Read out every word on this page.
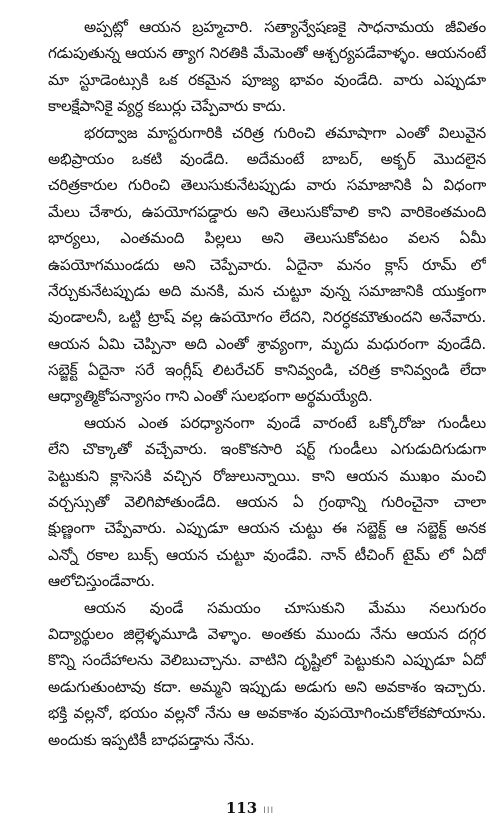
అప్పట్లో ఆయన బ్రహ్మచారి. సత్యాన్వేషణకై సాధనామయ జీవితం
గడుపుతున్న ఆయన త్యాగ నిరతికి మేమెంతో ఆశ్చర్యపడేవాళ్ళం. ఆయనంటే
మా స్టూడెంట్సుకి ఒక రకమైన పూజ్య భావం వుండేది. వారు ఎప్పుడూ
కాలక్షేపానికై వ్యర్ధ కబుర్లు చెప్పేవారు కాదు.
భరద్వాజ మాస్టరుగారికి చరిత్ర గురించి తమాషాగా ఎంతో విలువైన
అభిప్రాయం ఒకటి వుండేది. అదేమంటే బాబర్, అక్బర్ మొదలైన
చరిత్రకారుల గురించి తెలుసుకునేటప్పుడు వారు సమాజానికి ఏ విధంగా
మేలు చేశారు, ఉపయోగపడ్డారు అని తెలుసుకోవాలి కాని వారికెంతమంది
భార్యలు, ఎంతమంది పిల్లలు అని తెలుసుకోవటం వలన ఏమీ
ఉపయోగముండదు అని చెప్పేవారు. ఏదైనా మనం క్లాస్ రూమ్ లో
నేర్చుకునేటప్పుడు అది మనకి, మన చుట్టూ వున్న సమాజానికి యుక్తంగా
వుండాలనీ, ఒట్టి ట్రాష్ వల్ల ఉపయోగం లేదని, నిరర్ధకమౌతుందని అనేవారు.
ఆయన ఏమి చెప్పినా అది ఎంతో శ్రావ్యంగా, మృదు మధురంగా వుండేది.
సబ్జెక్ట్ ఏదైనా సరే ఇంగ్లీష్ లిటరేచర్ కానివ్వండి, చరిత్ర కానివ్వండి లేదా
ఆధ్యాత్మికోపన్యాసం గాని ఎంతో సులభంగా అర్థమయ్యేది.
ఆయన ఎంత పరధ్యానంగా వుండే వారంటే ఒక్కోరోజు గుండీలు
లేని చొక్కాతో వచ్చేవారు. ఇంకొకసారి షర్ట్ గుండీలు ఎగుడుదిగుడుగా
పెట్టుకుని క్లాసెసకి వచ్చిన రోజులున్నాయి. కాని ఆయన ముఖం మంచి
వర్చస్సుతో వెలిగిపోతుండేది. ఆయన ఏ గ్రంథాన్ని గురించైనా చాలా
క్షుణ్ణంగా చెప్పేవారు. ఎప్పుడూ ఆయన చుట్టు ఈ సబ్జెక్ట్ ఆ సబ్జెక్ట్ అనక
ఎన్నో రకాల బుక్స్ ఆయన చుట్టూ వుండేవి. నాన్ టీచింగ్ టైమ్ లో ఏదో
ఆలోచిస్తుండేవారు.
ఆయన వుండే సమయం చూసుకుని మేము నలుగురం
విద్యార్థులం జిల్లెళ్ళమూడి వెళ్ళాం. అంతకు ముందు నేను ఆయన దగ్గర
కొన్ని సందేహాలను వెలిబుచ్చాను. వాటిని దృష్టిలో పెట్టుకుని ఎప్పుడూ ఏదో
అడుగుతుంటావు కదా. అమ్మని ఇప్పుడు అడుగు అని అవకాశం ఇచ్చారు.
భక్తి వల్లనో, భయం వల్లనో నేను ఆ అవకాశం వుపయోగించుకోలేకపోయాను.
అందుకు ఇప్పటికీ బాధపడ్తాను నేను.
113 III
